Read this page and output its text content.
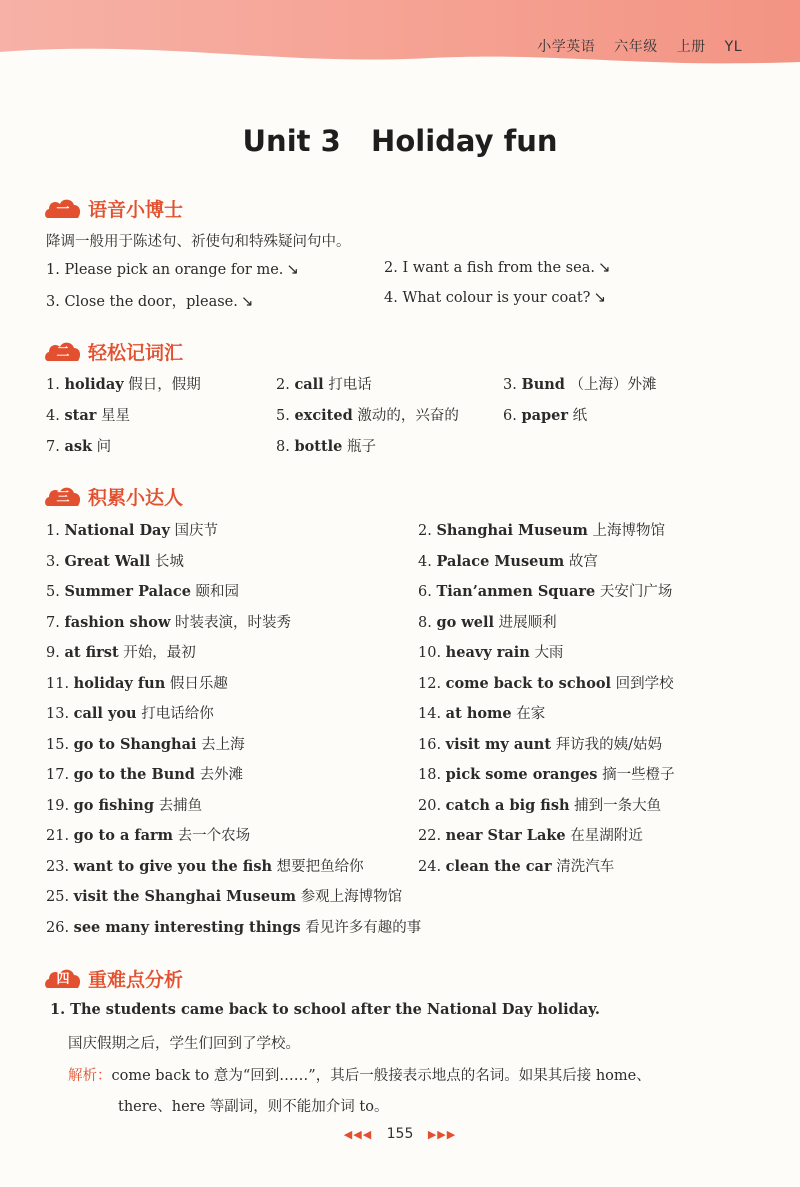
小学英语 六年级 上册 YL
Unit 3   Holiday fun
一 语音小博士
降调一般用于陈述句、祈使句和特殊疑问句中。
1. Please pick an orange for me. ↘	2. I want a fish from the sea. ↘
3. Close the door，please. ↘	4. What colour is your coat? ↘
二 轻松记词汇
1. holiday 假日，假期	2. call 打电话	3. Bund （上海）外滩
4. star 星星	5. excited 激动的，兴奋的	6. paper 纸
7. ask 问	8. bottle 瓶子
三 积累小达人
1. National Day 国庆节	2. Shanghai Museum 上海博物馆
3. Great Wall 长城	4. Palace Museum 故宫
5. Summer Palace 颐和园	6. Tian’anmen Square 天安门广场
7. fashion show 时装表演，时装秀	8. go well 进展顺利
9. at first 开始，最初	10. heavy rain 大雨
11. holiday fun 假日乐趣	12. come back to school 回到学校
13. call you 打电话给你	14. at home 在家
15. go to Shanghai 去上海	16. visit my aunt 拜访我的姨/姑妈
17. go to the Bund 去外滩	18. pick some oranges 摘一些橙子
19. go fishing 去捕鱼	20. catch a big fish 捕到一条大鱼
21. go to a farm 去一个农场	22. near Star Lake 在星湖附近
23. want to give you the fish 想要把鱼给你	24. clean the car 清洗汽车
25. visit the Shanghai Museum 参观上海博物馆
26. see many interesting things 看见许多有趣的事
四 重难点分析
1. The students came back to school after the National Day holiday.
国庆假期之后，学生们回到了学校。
解析：come back to 意为“回到……”，其后一般接表示地点的名词。如果其后接 home、
there、here 等副词，则不能加介词 to。
◀◀◀ 155 ▶▶▶
